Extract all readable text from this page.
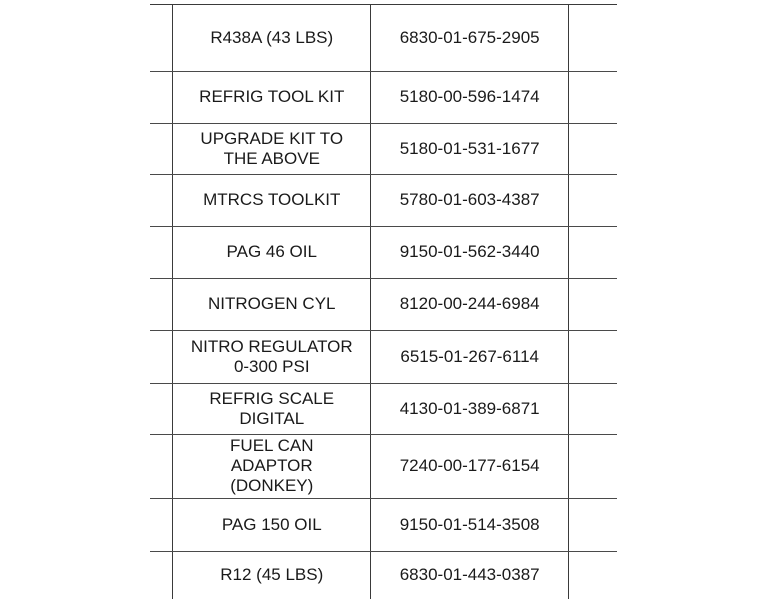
	R438A (43 LBS)	6830-01-675-2905	
	REFRIG TOOL KIT	5180-00-596-1474	
	UPGRADE KIT TO
THE ABOVE	5180-01-531-1677	
	MTRCS TOOLKIT	5780-01-603-4387	
	PAG 46 OIL	9150-01-562-3440	
	NITROGEN CYL	8120-00-244-6984	
	NITRO REGULATOR
0-300 PSI	6515-01-267-6114	
	REFRIG SCALE
DIGITAL	4130-01-389-6871	
	FUEL CAN
ADAPTOR
(DONKEY)	7240-00-177-6154	
	PAG 150 OIL	9150-01-514-3508	
	R12 (45 LBS)	6830-01-443-0387	
